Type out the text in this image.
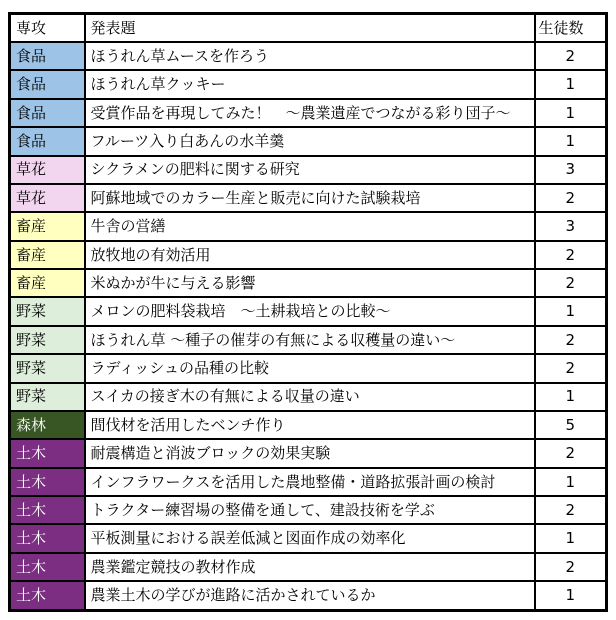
専攻	発表題	生徒数
食品	ほうれん草ムースを作ろう	2
食品	ほうれん草クッキー	1
食品	受賞作品を再現してみた！　～農業遺産でつながる彩り団子～	1
食品	フルーツ入り白あんの水羊羹	1
草花	シクラメンの肥料に関する研究	3
草花	阿蘇地域でのカラー生産と販売に向けた試験栽培	2
畜産	牛舎の営繕	3
畜産	放牧地の有効活用	2
畜産	米ぬかが牛に与える影響	2
野菜	メロンの肥料袋栽培　～土耕栽培との比較～	1
野菜	ほうれん草 ～種子の催芽の有無による収穫量の違い～	2
野菜	ラディッシュの品種の比較	2
野菜	スイカの接ぎ木の有無による収量の違い	1
森林	間伐材を活用したベンチ作り	5
土木	耐震構造と消波ブロックの効果実験	2
土木	インフラワークスを活用した農地整備・道路拡張計画の検討	1
土木	トラクター練習場の整備を通して、建設技術を学ぶ	2
土木	平板測量における誤差低減と図面作成の効率化	1
土木	農業鑑定競技の教材作成	2
土木	農業土木の学びが進路に活かされているか	1
